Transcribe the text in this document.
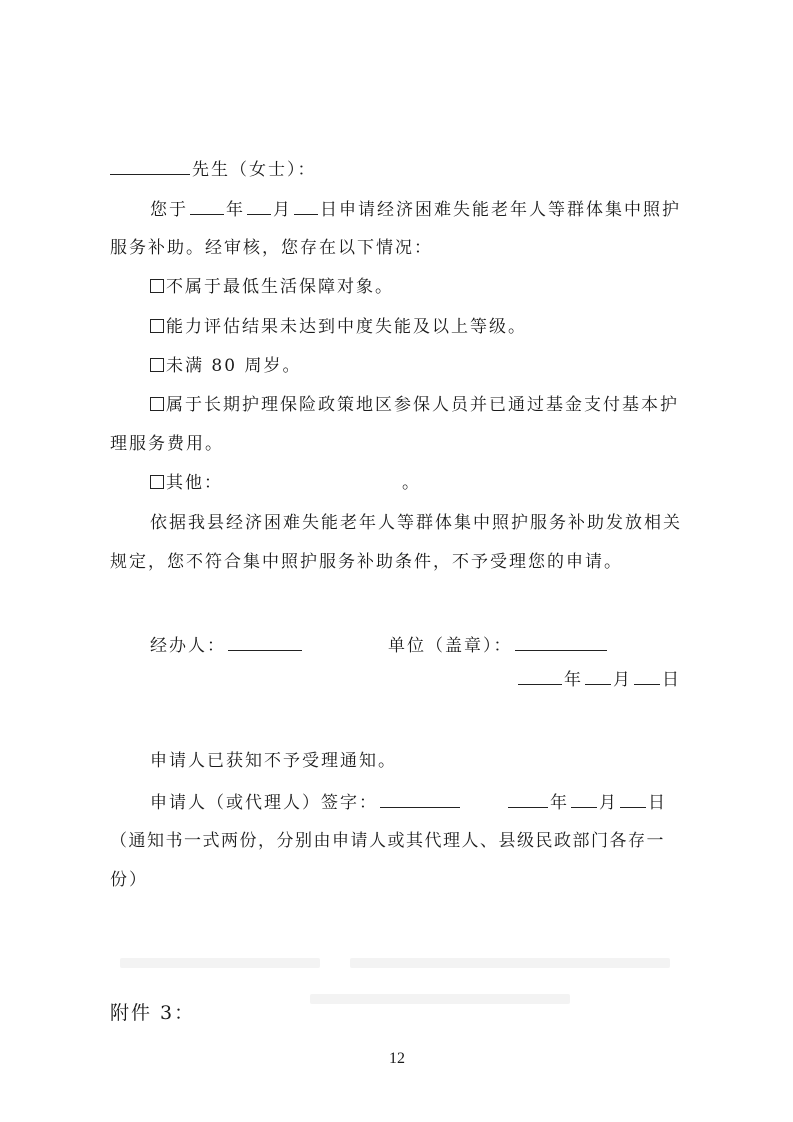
先生（女士）：
您于 年 月 日申请经济困难失能老年人等群体集中照护
服务补助。经审核，您存在以下情况：
不属于最低生活保障对象。
能力评估结果未达到中度失能及以上等级。
未满 80 周岁。
属于长期护理保险政策地区参保人员并已通过基金支付基本护
理服务费用。
其他：	。
依据我县经济困难失能老年人等群体集中照护服务补助发放相关
规定，您不符合集中照护服务补助条件，不予受理您的申请。
经办人：	单位（盖章）：
年 月 日
申请人已获知不予受理通知。
申请人（或代理人）签字：	年 月 日
（通知书一式两份，分别由申请人或其代理人、县级民政部门各存一
份）
附件 3：
12
